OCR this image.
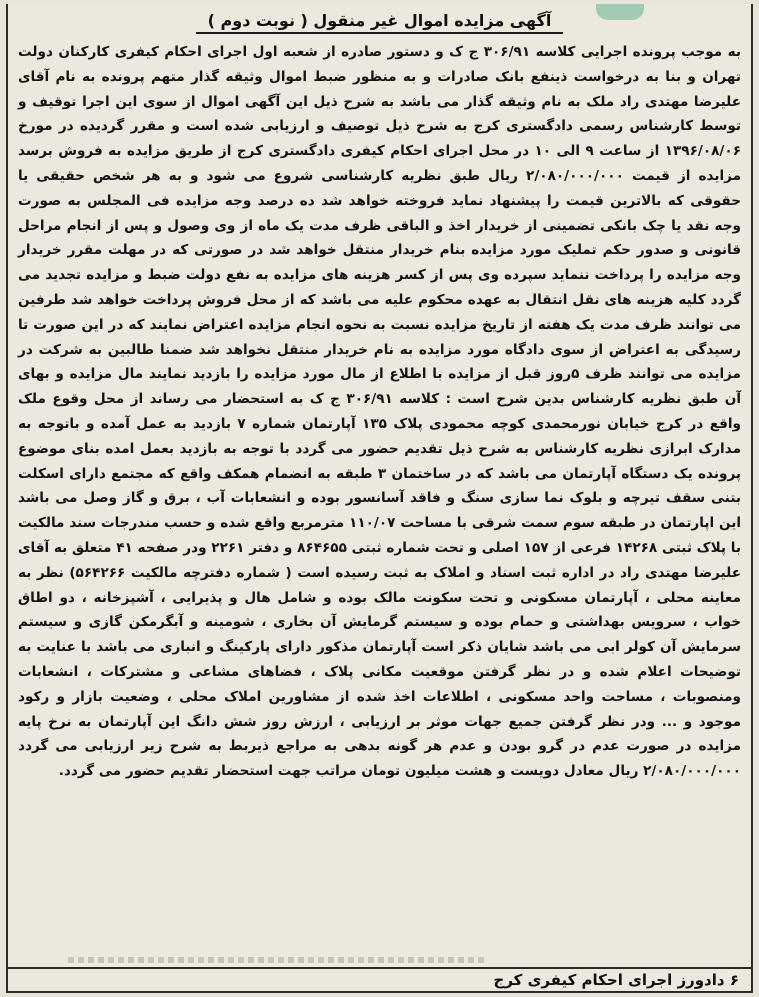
آگهی مزایده اموال غیر منقول ( نوبت دوم )

به موجب پرونده اجرایی کلاسه ۳۰۶/۹۱ ج ک و دستور صادره از شعبه اول اجرای احکام کیفری کارکنان دولت تهران و بنا به درخواست ذینفع بانک صادرات و به منظور ضبط اموال وثیقه گذار متهم پرونده به نام آقای علیرضا مهتدی راد ملک به نام وثیقه گذار می باشد به شرح ذیل این آگهی اموال از سوی این اجرا توقیف و توسط کارشناس رسمی دادگستری کرج به شرح ذیل توصیف و ارزیابی شده است و مقرر گردیده در مورخ ۱۳۹۶/۰۸/۰۶ از ساعت ۹ الی ۱۰ در محل اجرای احکام کیفری دادگستری کرج از طریق مزایده به فروش برسد مزایده از قیمت ۲/۰۸۰/۰۰۰/۰۰۰ ریال طبق نظریه کارشناسی شروع می شود و به هر شخص حقیقی یا حقوقی که بالاترین قیمت را پیشنهاد نماید فروخته خواهد شد ده درصد وجه مزایده فی المجلس به صورت وجه نقد یا چک بانکی تضمینی از خریدار اخذ و الباقی ظرف مدت یک ماه از وی وصول و پس از انجام مراحل قانونی و صدور حکم تملیک مورد مزایده بنام خریدار منتقل خواهد شد در صورتی که در مهلت مقرر خریدار وجه مزایده را پرداخت ننماید سپرده وی پس از کسر هزینه های مزایده به نفع دولت ضبط و مزایده تجدید می گردد کلیه هزینه های نقل انتقال به عهده محکوم علیه می باشد که از محل فروش پرداخت خواهد شد طرفین می توانند ظرف مدت یک هفته از تاریخ مزایده نسبت به نحوه انجام مزایده اعتراض نمایند که در این صورت تا رسیدگی به اعتراض از سوی دادگاه مورد مزایده به نام خریدار منتقل نخواهد شد ضمنا طالبین به شرکت در مزایده می توانند ظرف ۵روز قبل از مزایده با اطلاع از مال مورد مزایده را بازدید نمایند مال مزایده و بهای آن طبق نظریه کارشناس بدین شرح است : کلاسه ۳۰۶/۹۱ ج ک به استحضار می رساند از محل وقوع ملک واقع در کرج خیابان نورمحمدی کوچه محمودی پلاک ۱۳۵ آپارتمان شماره ۷ بازدید به عمل آمده و باتوجه به مدارک ابرازی نظریه کارشناس به شرح ذیل تقدیم حضور می گردد با توجه به بازدید بعمل امده بنای موضوع پرونده یک دستگاه آپارتمان می باشد که در ساختمان ۳ طبقه به انضمام همکف واقع که مجتمع دارای اسکلت بتنی سقف تیرچه و بلوک نما سازی سنگ و فاقد آسانسور بوده و انشعابات آب ، برق و گاز وصل می باشد این اپارتمان در طبقه سوم سمت شرقی با مساحت ۱۱۰/۰۷ مترمربع واقع شده و حسب مندرجات سند مالکیت با پلاک ثبتی ۱۴۲۶۸ فرعی از ۱۵۷ اصلی و تحت شماره ثبتی ۸۶۴۶۵۵ و دفتر ۲۲۶۱ ودر صفحه ۴۱ متعلق به آقای علیرضا مهتدی راد در اداره ثبت اسناد و املاک به ثبت رسیده است ( شماره دفترچه مالکیت ۵۶۴۲۶۶) نظر به معاینه محلی ، آپارتمان مسکونی و تحت سکونت مالک بوده و شامل هال و پذیرایی ، آشپزخانه ، دو اطاق خواب ، سرویس بهداشتی و حمام بوده و سیستم گرمایش آن بخاری ، شومینه و آبگرمکن گازی و سیستم سرمایش آن کولر ابی می باشد شایان ذکر است آپارتمان مذکور دارای پارکینگ و انباری می باشد با عنایت به توضیحات اعلام شده و در نظر گرفتن موقعیت مکانی پلاک ، فضاهای مشاعی و مشترکات ، انشعابات ومنصوبات ، مساحت واحد مسکونی ، اطلاعات اخذ شده از مشاورین املاک محلی ، وضعیت بازار و رکود موجود و ... ودر نظر گرفتن جمیع جهات موثر بر ارزیابی ، ارزش روز شش دانگ این آپارتمان به نرخ پایه مزایده در صورت عدم در گرو بودن و عدم هر گونه بدهی به مراجع ذیربط به شرح زیر ارزیابی می گردد ۲/۰۸۰/۰۰۰/۰۰۰ ریال معادل دویست و هشت میلیون تومان مراتب جهت استحضار تقدیم حضور می گردد.

۶ دادورز اجرای احکام کیفری کرج
